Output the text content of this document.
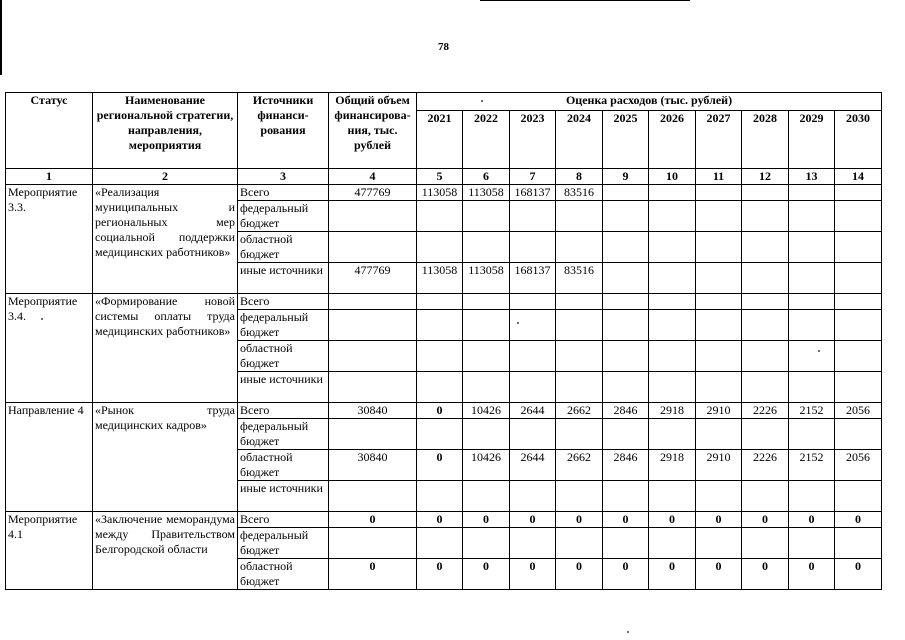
78
Статус	Наименование региональной стратегии, направления, мероприятия	Источники финанси-рования	Общий объем финансирова-ния, тыс. рублей	Оценка расходов (тыс. рублей)									
				2021	2022	2023	2024	2025	2026	2027	2028	2029	2030
1	2	3	4	5	6	7	8	9	10	11	12	13	14
Мероприятие 3.3.	«Реализация муниципальных и региональных мер социальной поддержки медицинских работников»	Всего	477769	113058	113058	168137	83516						
		федеральный бюджет											
		областной бюджет											
		иные источники	477769	113058	113058	168137	83516						
Мероприятие 3.4.	«Формирование новой системы оплаты труда медицинских работников»	Всего											
		федеральный бюджет											
		областной бюджет											
		иные источники											
Направление 4	«Рынок труда медицинских кадров»	Всего	30840	0	10426	2644	2662	2846	2918	2910	2226	2152	2056
		федеральный бюджет											
		областной бюджет	30840	0	10426	2644	2662	2846	2918	2910	2226	2152	2056
		иные источники											
Мероприятие 4.1	«Заключение меморандума между Правительством Белгородской области	Всего	0	0	0	0	0	0	0	0	0	0	0
		федеральный бюджет											
		областной бюджет	0	0	0	0	0	0	0	0	0	0	0
